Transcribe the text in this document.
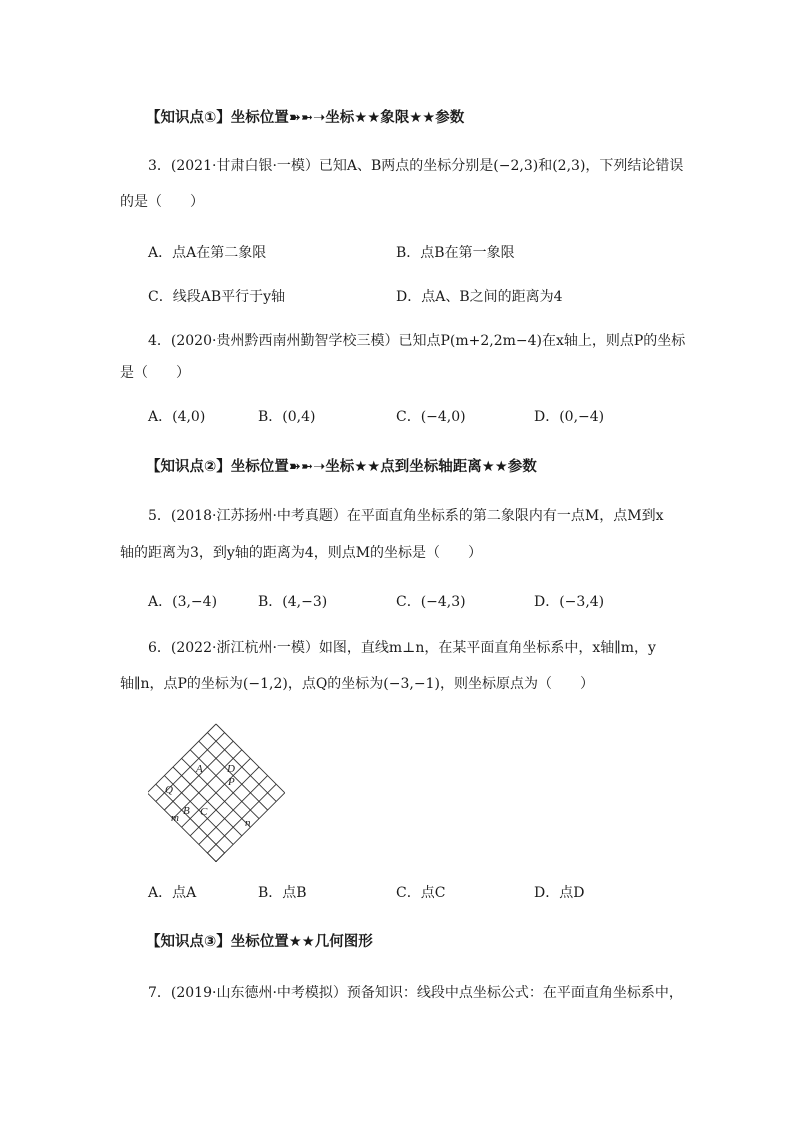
【知识点①】坐标位置➽➼➝坐标★★象限★★参数
3．(2021·甘肃白银·一模）已知A、B两点的坐标分别是(−2,3)和(2,3)，下列结论错误
的是（　　）
A．点A在第二象限	B．点B在第一象限
C．线段AB平行于y轴	D．点A、B之间的距离为4
4．(2020·贵州黔西南州勤智学校三模）已知点P(m+2,2m−4)在x轴上，则点P的坐标
是（　　）
A．(4,0)	B．(0,4)	C．(−4,0)	D．(0,−4)
【知识点②】坐标位置➽➼➝坐标★★点到坐标轴距离★★参数
5．(2018·江苏扬州·中考真题）在平面直角坐标系的第二象限内有一点M，点M到x
轴的距离为3，到y轴的距离为4，则点M的坐标是（　　）
A．(3,−4)	B．(4,−3)	C．(−4,3)	D．(−3,4)
6．(2022·浙江杭州·一模）如图，直线m⊥n，在某平面直角坐标系中，x轴∥m，y
轴∥n，点P的坐标为(−1,2)，点Q的坐标为(−3,−1)，则坐标原点为（　　）
A D
P
Q
B C
m	n
A．点A	B．点B	C．点C	D．点D
【知识点③】坐标位置★★几何图形
7．(2019·山东德州·中考模拟）预备知识：线段中点坐标公式：在平面直角坐标系中，
